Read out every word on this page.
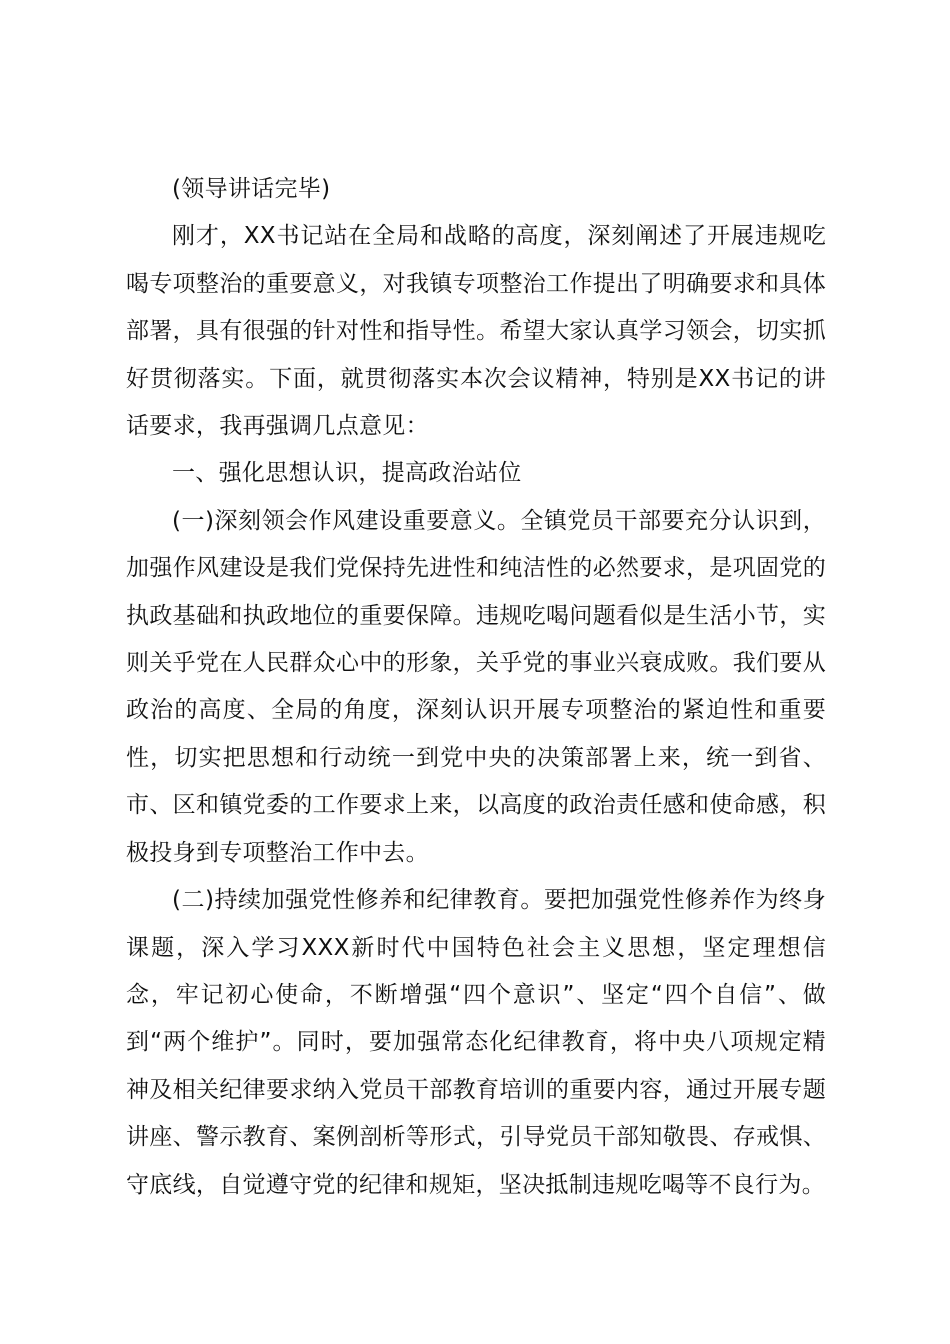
(领导讲话完毕)

刚才，XX书记站在全局和战略的高度，深刻阐述了开展违规吃喝专项整治的重要意义，对我镇专项整治工作提出了明确要求和具体部署，具有很强的针对性和指导性。希望大家认真学习领会，切实抓好贯彻落实。下面，就贯彻落实本次会议精神，特别是XX书记的讲话要求，我再强调几点意见：

一、强化思想认识，提高政治站位

(一)深刻领会作风建设重要意义。全镇党员干部要充分认识到，加强作风建设是我们党保持先进性和纯洁性的必然要求，是巩固党的执政基础和执政地位的重要保障。违规吃喝问题看似是生活小节，实则关乎党在人民群众心中的形象，关乎党的事业兴衰成败。我们要从政治的高度、全局的角度，深刻认识开展专项整治的紧迫性和重要性，切实把思想和行动统一到党中央的决策部署上来，统一到省、市、区和镇党委的工作要求上来，以高度的政治责任感和使命感，积极投身到专项整治工作中去。

(二)持续加强党性修养和纪律教育。要把加强党性修养作为终身课题，深入学习XXX新时代中国特色社会主义思想，坚定理想信念，牢记初心使命，不断增强“四个意识”、坚定“四个自信”、做到“两个维护”。同时，要加强常态化纪律教育，将中央八项规定精神及相关纪律要求纳入党员干部教育培训的重要内容，通过开展专题讲座、警示教育、案例剖析等形式，引导党员干部知敬畏、存戒惧、守底线，自觉遵守党的纪律和规矩，坚决抵制违规吃喝等不良行为。
